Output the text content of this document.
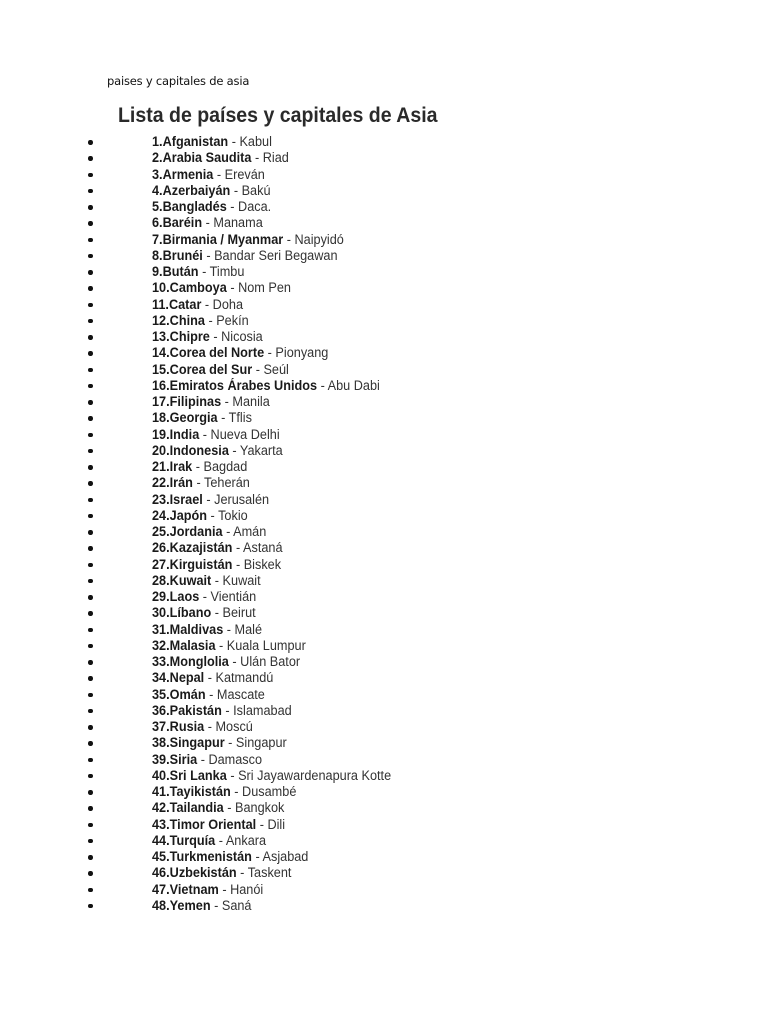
paises y capitales de asia
Lista de países y capitales de Asia
1.Afganistan - Kabul
2.Arabia Saudita - Riad
3.Armenia - Ereván
4.Azerbaiyán - Bakú
5.Bangladés - Daca.
6.Baréin - Manama
7.Birmania / Myanmar - Naipyidó
8.Brunéi - Bandar Seri Begawan
9.Bután - Timbu
10.Camboya - Nom Pen
11.Catar - Doha
12.China - Pekín
13.Chipre - Nicosia
14.Corea del Norte - Pionyang
15.Corea del Sur - Seúl
16.Emiratos Árabes Unidos - Abu Dabi
17.Filipinas - Manila
18.Georgia - Tflis
19.India - Nueva Delhi
20.Indonesia - Yakarta
21.Irak - Bagdad
22.Irán - Teherán
23.Israel - Jerusalén
24.Japón - Tokio
25.Jordania - Amán
26.Kazajistán - Astaná
27.Kirguistán - Biskek
28.Kuwait - Kuwait
29.Laos - Vientián
30.Líbano - Beirut
31.Maldivas - Malé
32.Malasia - Kuala Lumpur
33.Monglolia - Ulán Bator
34.Nepal - Katmandú
35.Omán - Mascate
36.Pakistán - Islamabad
37.Rusia - Moscú
38.Singapur - Singapur
39.Siria - Damasco
40.Sri Lanka - Sri Jayawardenapura Kotte
41.Tayikistán - Dusambé
42.Tailandia - Bangkok
43.Timor Oriental - Dili
44.Turquía - Ankara
45.Turkmenistán - Asjabad
46.Uzbekistán - Taskent
47.Vietnam - Hanói
48.Yemen - Saná
